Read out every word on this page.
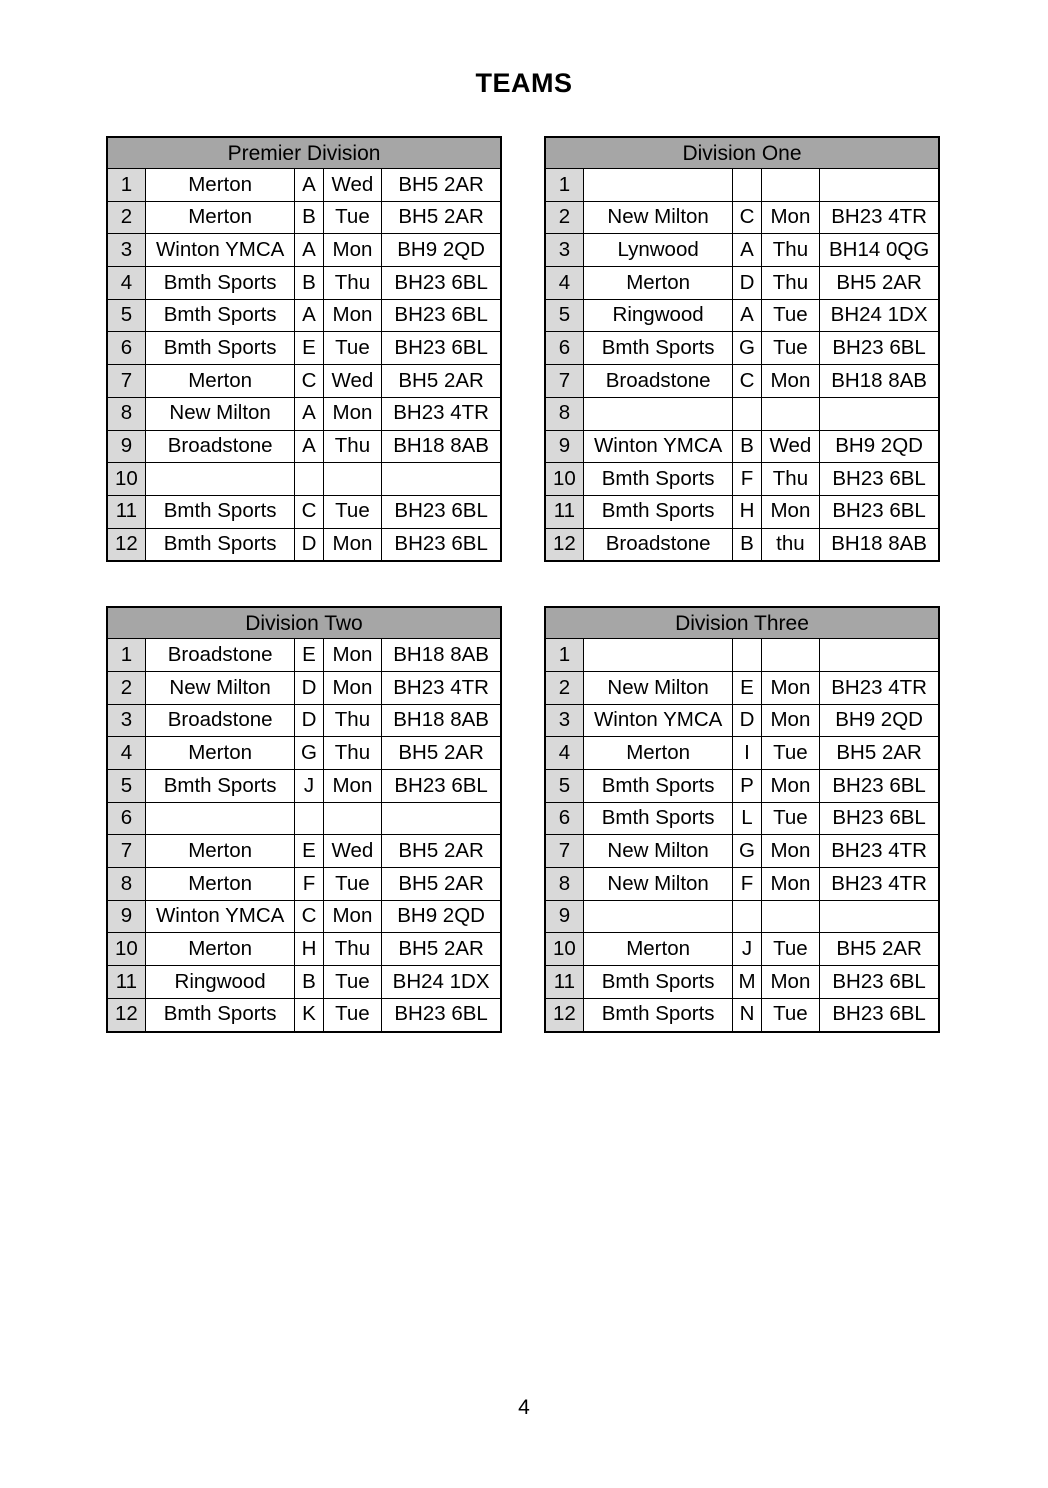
TEAMS
Premier Division				
1	Merton	A	Wed	BH5 2AR
2	Merton	B	Tue	BH5 2AR
3	Winton YMCA	A	Mon	BH9 2QD
4	Bmth Sports	B	Thu	BH23 6BL
5	Bmth Sports	A	Mon	BH23 6BL
6	Bmth Sports	E	Tue	BH23 6BL
7	Merton	C	Wed	BH5 2AR
8	New Milton	A	Mon	BH23 4TR
9	Broadstone	A	Thu	BH18 8AB
10				
11	Bmth Sports	C	Tue	BH23 6BL
12	Bmth Sports	D	Mon	BH23 6BL
Division One				
1				
2	New Milton	C	Mon	BH23 4TR
3	Lynwood	A	Thu	BH14 0QG
4	Merton	D	Thu	BH5 2AR
5	Ringwood	A	Tue	BH24 1DX
6	Bmth Sports	G	Tue	BH23 6BL
7	Broadstone	C	Mon	BH18 8AB
8				
9	Winton YMCA	B	Wed	BH9 2QD
10	Bmth Sports	F	Thu	BH23 6BL
11	Bmth Sports	H	Mon	BH23 6BL
12	Broadstone	B	thu	BH18 8AB
Division Two				
1	Broadstone	E	Mon	BH18 8AB
2	New Milton	D	Mon	BH23 4TR
3	Broadstone	D	Thu	BH18 8AB
4	Merton	G	Thu	BH5 2AR
5	Bmth Sports	J	Mon	BH23 6BL
6				
7	Merton	E	Wed	BH5 2AR
8	Merton	F	Tue	BH5 2AR
9	Winton YMCA	C	Mon	BH9 2QD
10	Merton	H	Thu	BH5 2AR
11	Ringwood	B	Tue	BH24 1DX
12	Bmth Sports	K	Tue	BH23 6BL
Division Three				
1				
2	New Milton	E	Mon	BH23 4TR
3	Winton YMCA	D	Mon	BH9 2QD
4	Merton	I	Tue	BH5 2AR
5	Bmth Sports	P	Mon	BH23 6BL
6	Bmth Sports	L	Tue	BH23 6BL
7	New Milton	G	Mon	BH23 4TR
8	New Milton	F	Mon	BH23 4TR
9				
10	Merton	J	Tue	BH5 2AR
11	Bmth Sports	M	Mon	BH23 6BL
12	Bmth Sports	N	Tue	BH23 6BL
4
